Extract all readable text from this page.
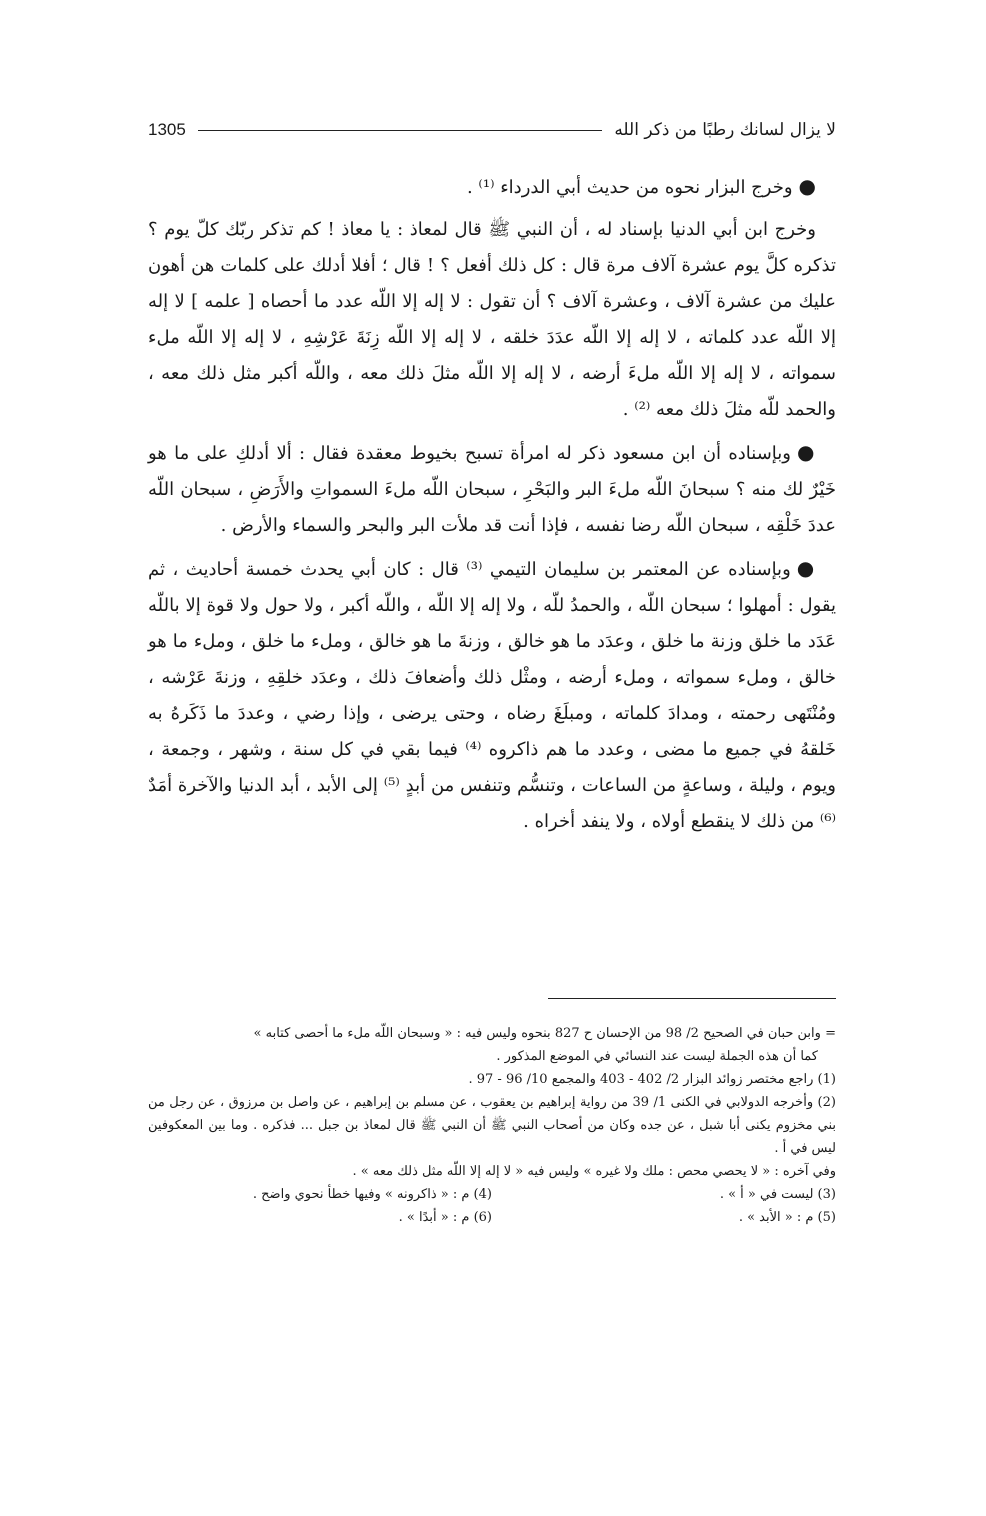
لا يزال لسانك رطبًا من ذكر الله
1305

●وخرج البزار نحوه من حديث أبي الدرداء ⁽¹⁾ .

وخرج ابن أبي الدنيا بإسناد له ، أن النبي ﷺ قال لمعاذ : يا معاذ ! كم تذكر ربّك كلّ يوم ؟ تذكره كلَّ يوم عشرة آلاف مرة قال : كل ذلك أفعل ؟ ! قال ؛ أفلا أدلك على كلمات هن أهون عليك من عشرة آلاف ، وعشرة آلاف ؟ أن تقول : لا إله إلا اللّه عدد ما أحصاه [ علمه ] لا إله إلا اللّه عدد كلماته ، لا إله إلا اللّه عدَدَ خلقه ، لا إله إلا اللّه زِنَةَ عَرْشِهِ ، لا إله إلا اللّه ملء سمواته ، لا إله إلا اللّه ملءَ أرضه ، لا إله إلا اللّه مثلَ ذلك معه ، واللّه أكبر مثل ذلك معه ، والحمد للّه مثلَ ذلك معه ⁽²⁾ .

●وبإسناده أن ابن مسعود ذكر له امرأة تسبح بخيوط معقدة فقال : ألا أدلكِ على ما هو خَيْرٌ لك منه ؟ سبحانَ اللّه ملءَ البر والبَحْرِ ، سبحان اللّه ملءَ السمواتِ والأَرَضِ ، سبحان اللّه عددَ خَلْقِه ، سبحان اللّه رضا نفسه ، فإذا أنت قد ملأت البر والبحر والسماء والأرض .

●وبإسناده عن المعتمر بن سليمان التيمي ⁽³⁾ قال : كان أبي يحدث خمسة أحاديث ، ثم يقول : أمهلوا ؛ سبحان اللّه ، والحمدُ للّه ، ولا إله إلا اللّه ، واللّه أكبر ، ولا حول ولا قوة إلا باللّه عَدَد ما خلق وزنة ما خلق ، وعدَد ما هو خالق ، وزنةَ ما هو خالق ، وملء ما خلق ، وملء ما هو خالق ، وملء سمواته ، وملء أرضه ، ومثْل ذلك وأضعافَ ذلك ، وعدَد خلقِهِ ، وزنةَ عَرْشه ، ومُنْتَهى رحمته ، ومدادَ كلماته ، ومبلَغَ رضاه ، وحتى يرضى ، وإذا رضي ، وعددَ ما ذَكَرهُ به خَلقهُ في جميع ما مضى ، وعدد ما هم ذاكروه ⁽⁴⁾ فيما بقي في كل سنة ، وشهر ، وجمعة ، ويوم ، وليلة ، وساعةٍ من الساعات ، وتنسُّم وتنفس من أبدٍ ⁽⁵⁾ إلى الأبد ، أبد الدنيا والآخرة أمَدٌ ⁽⁶⁾ من ذلك لا ينقطع أولاه ، ولا ينفد أخراه .

= وابن حبان في الصحيح 2/ 98 من الإحسان ح 827 بنحوه وليس فيه : « وسبحان اللّه ملء ما أحصى كتابه »

كما أن هذه الجملة ليست عند النسائي في الموضع المذكور .

(1) راجع مختصر زوائد البزار 2/ 402 - 403 والمجمع 10/ 96 - 97 .

(2) وأخرجه الدولابي في الكنى 1/ 39 من رواية إبراهيم بن يعقوب ، عن مسلم بن إبراهيم ، عن واصل بن مرزوق ، عن رجل من بني مخزوم يكنى أبا شبل ، عن جده وكان من أصحاب النبي ﷺ أن النبي ﷺ قال لمعاذ بن جبل ... فذكره . وما بين المعكوفين ليس في أ .

وفي آخره : « لا يحصي محص : ملك ولا غيره » وليس فيه « لا إله إلا اللّه مثل ذلك معه » .

(3) ليست في « أ » .
(4) م : « ذاكرونه » وفيها خطأ نحوي واضح .
(5) م : « الأبد » .
(6) م : « أبدًا » .
